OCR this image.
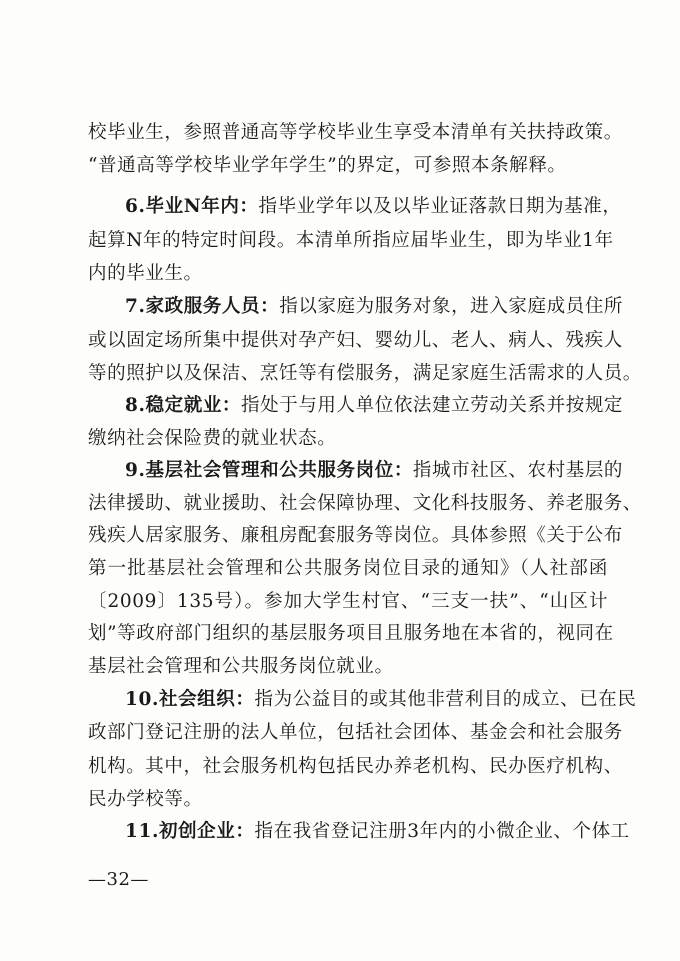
校毕业生，参照普通高等学校毕业生享受本清单有关扶持政策。
“普通高等学校毕业学年学生”的界定，可参照本条解释。
6.毕业N年内：指毕业学年以及以毕业证落款日期为基准，
起算N年的特定时间段。本清单所指应届毕业生，即为毕业1年
内的毕业生。
7.家政服务人员：指以家庭为服务对象，进入家庭成员住所
或以固定场所集中提供对孕产妇、婴幼儿、老人、病人、残疾人
等的照护以及保洁、烹饪等有偿服务，满足家庭生活需求的人员。
8.稳定就业：指处于与用人单位依法建立劳动关系并按规定
缴纳社会保险费的就业状态。
9.基层社会管理和公共服务岗位：指城市社区、农村基层的
法律援助、就业援助、社会保障协理、文化科技服务、养老服务、
残疾人居家服务、廉租房配套服务等岗位。具体参照《关于公布
第一批基层社会管理和公共服务岗位目录的通知》（人社部函
〔2009〕135号）。参加大学生村官、“三支一扶”、“山区计
划”等政府部门组织的基层服务项目且服务地在本省的，视同在
基层社会管理和公共服务岗位就业。
10.社会组织：指为公益目的或其他非营利目的成立、已在民
政部门登记注册的法人单位，包括社会团体、基金会和社会服务
机构。其中，社会服务机构包括民办养老机构、民办医疗机构、
民办学校等。
11.初创企业：指在我省登记注册3年内的小微企业、个体工
—32—
